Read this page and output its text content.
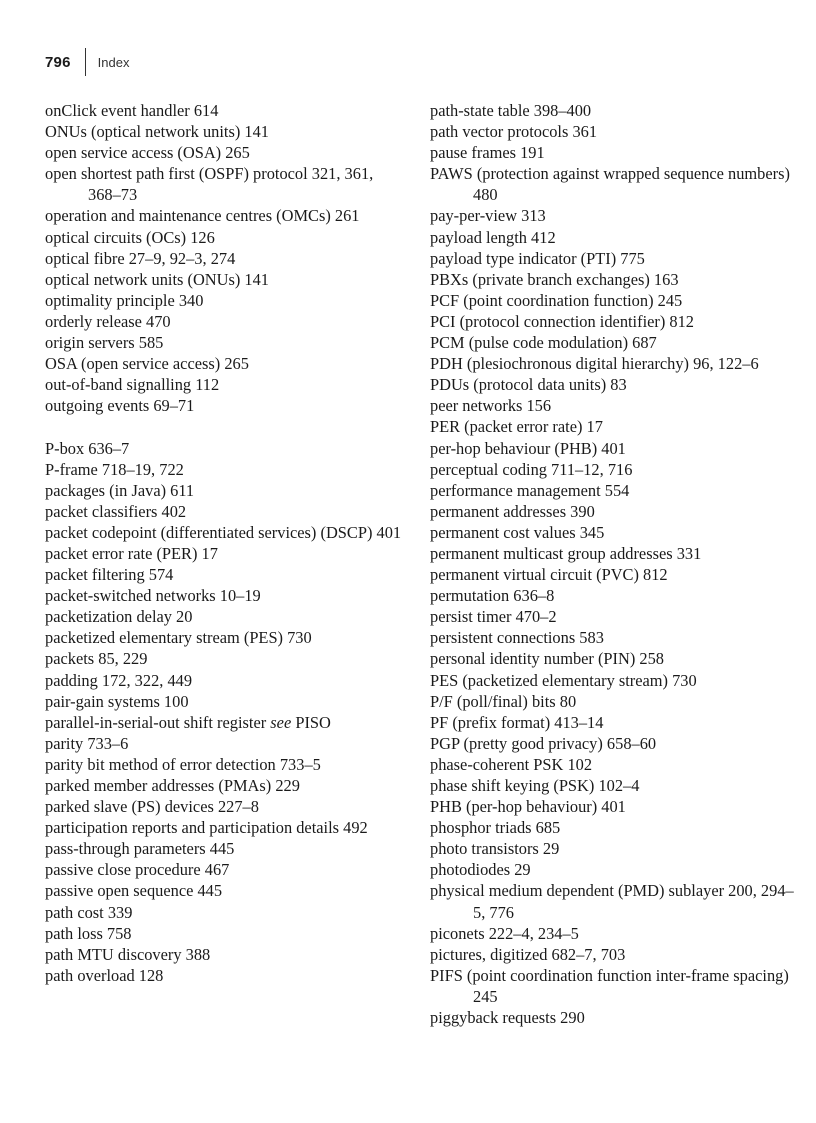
796 Index
onClick event handler 614
ONUs (optical network units) 141
open service access (OSA) 265
open shortest path first (OSPF) protocol 321, 361, 368–73
operation and maintenance centres (OMCs) 261
optical circuits (OCs) 126
optical fibre 27–9, 92–3, 274
optical network units (ONUs) 141
optimality principle 340
orderly release 470
origin servers 585
OSA (open service access) 265
out-of-band signalling 112
outgoing events 69–71
P-box 636–7
P-frame 718–19, 722
packages (in Java) 611
packet classifiers 402
packet codepoint (differentiated services) (DSCP) 401
packet error rate (PER) 17
packet filtering 574
packet-switched networks 10–19
packetization delay 20
packetized elementary stream (PES) 730
packets 85, 229
padding 172, 322, 449
pair-gain systems 100
parallel-in-serial-out shift register see PISO
parity 733–6
parity bit method of error detection 733–5
parked member addresses (PMAs) 229
parked slave (PS) devices 227–8
participation reports and participation details 492
pass-through parameters 445
passive close procedure 467
passive open sequence 445
path cost 339
path loss 758
path MTU discovery 388
path overload 128
path-state table 398–400
path vector protocols 361
pause frames 191
PAWS (protection against wrapped sequence numbers) 480
pay-per-view 313
payload length 412
payload type indicator (PTI) 775
PBXs (private branch exchanges) 163
PCF (point coordination function) 245
PCI (protocol connection identifier) 812
PCM (pulse code modulation) 687
PDH (plesiochronous digital hierarchy) 96, 122–6
PDUs (protocol data units) 83
peer networks 156
PER (packet error rate) 17
per-hop behaviour (PHB) 401
perceptual coding 711–12, 716
performance management 554
permanent addresses 390
permanent cost values 345
permanent multicast group addresses 331
permanent virtual circuit (PVC) 812
permutation 636–8
persist timer 470–2
persistent connections 583
personal identity number (PIN) 258
PES (packetized elementary stream) 730
P/F (poll/final) bits 80
PF (prefix format) 413–14
PGP (pretty good privacy) 658–60
phase-coherent PSK 102
phase shift keying (PSK) 102–4
PHB (per-hop behaviour) 401
phosphor triads 685
photo transistors 29
photodiodes 29
physical medium dependent (PMD) sublayer 200, 294–5, 776
piconets 222–4, 234–5
pictures, digitized 682–7, 703
PIFS (point coordination function inter-frame spacing) 245
piggyback requests 290
